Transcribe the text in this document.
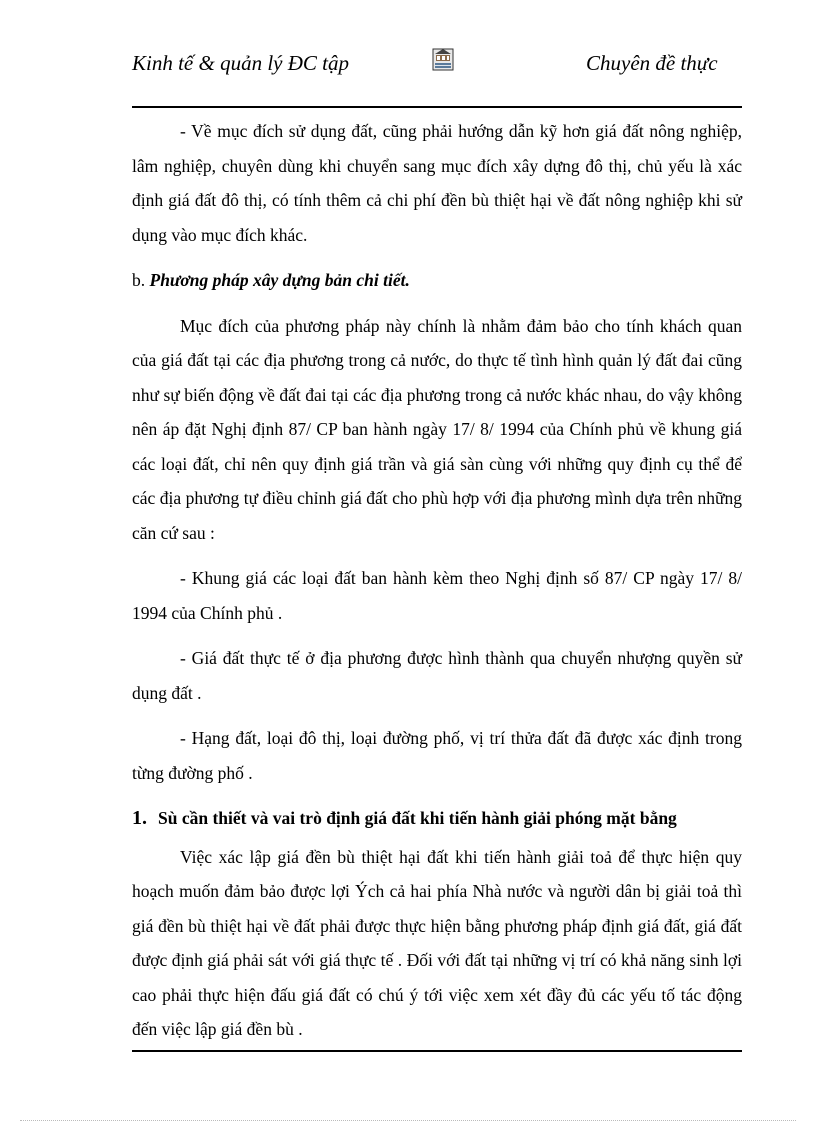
Kinh tế & quản lý ĐC tập	Chuyên đề thực

- Về mục đích sử dụng đất, cũng phải hướng dẫn kỹ hơn giá đất nông nghiệp, lâm nghiệp, chuyên dùng khi chuyển sang mục đích xây dựng đô thị, chủ yếu là xác định giá đất đô thị, có tính thêm cả chi phí đền bù thiệt hại về đất nông nghiệp khi sử dụng vào mục đích khác.

b. Phương pháp xây dựng bản chi tiết.

Mục đích của phương pháp này chính là nhằm đảm bảo cho tính khách quan của giá đất tại các địa phương trong cả nước, do thực tế tình hình quản lý đất đai cũng như sự biến động về đất đai tại các địa phương trong cả nước khác nhau, do vậy không nên áp đặt Nghị định 87/ CP ban hành ngày 17/ 8/ 1994 của Chính phủ về khung giá các loại đất, chỉ nên quy định giá trần và giá sàn cùng với những quy định cụ thể để các địa phương tự điều chỉnh giá đất cho phù hợp với địa phương mình dựa trên những căn cứ sau :

- Khung giá các loại đất ban hành kèm theo Nghị định số 87/ CP ngày 17/ 8/ 1994 của Chính phủ .

- Giá đất thực tế ở địa phương được hình thành qua chuyển nhượng quyền sử dụng đất .

- Hạng đất, loại đô thị, loại đường phố, vị trí thửa đất đã được xác định trong từng đường phố .

1. Sù cần thiết và vai trò định giá đất khi tiến hành giải phóng mặt bằng

Việc xác lập giá đền bù thiệt hại đất khi tiến hành giải toả để thực hiện quy hoạch muốn đảm bảo được lợi Ých cả hai phía Nhà nước và người dân bị giải toả thì giá đền bù thiệt hại về đất phải được thực hiện bằng phương pháp định giá đất, giá đất được định giá phải sát với giá thực tế . Đối với đất tại những vị trí có khả năng sinh lợi cao phải thực hiện đấu giá đất có chú ý tới việc xem xét đầy đủ các yếu tố tác động đến việc lập giá đền bù .
